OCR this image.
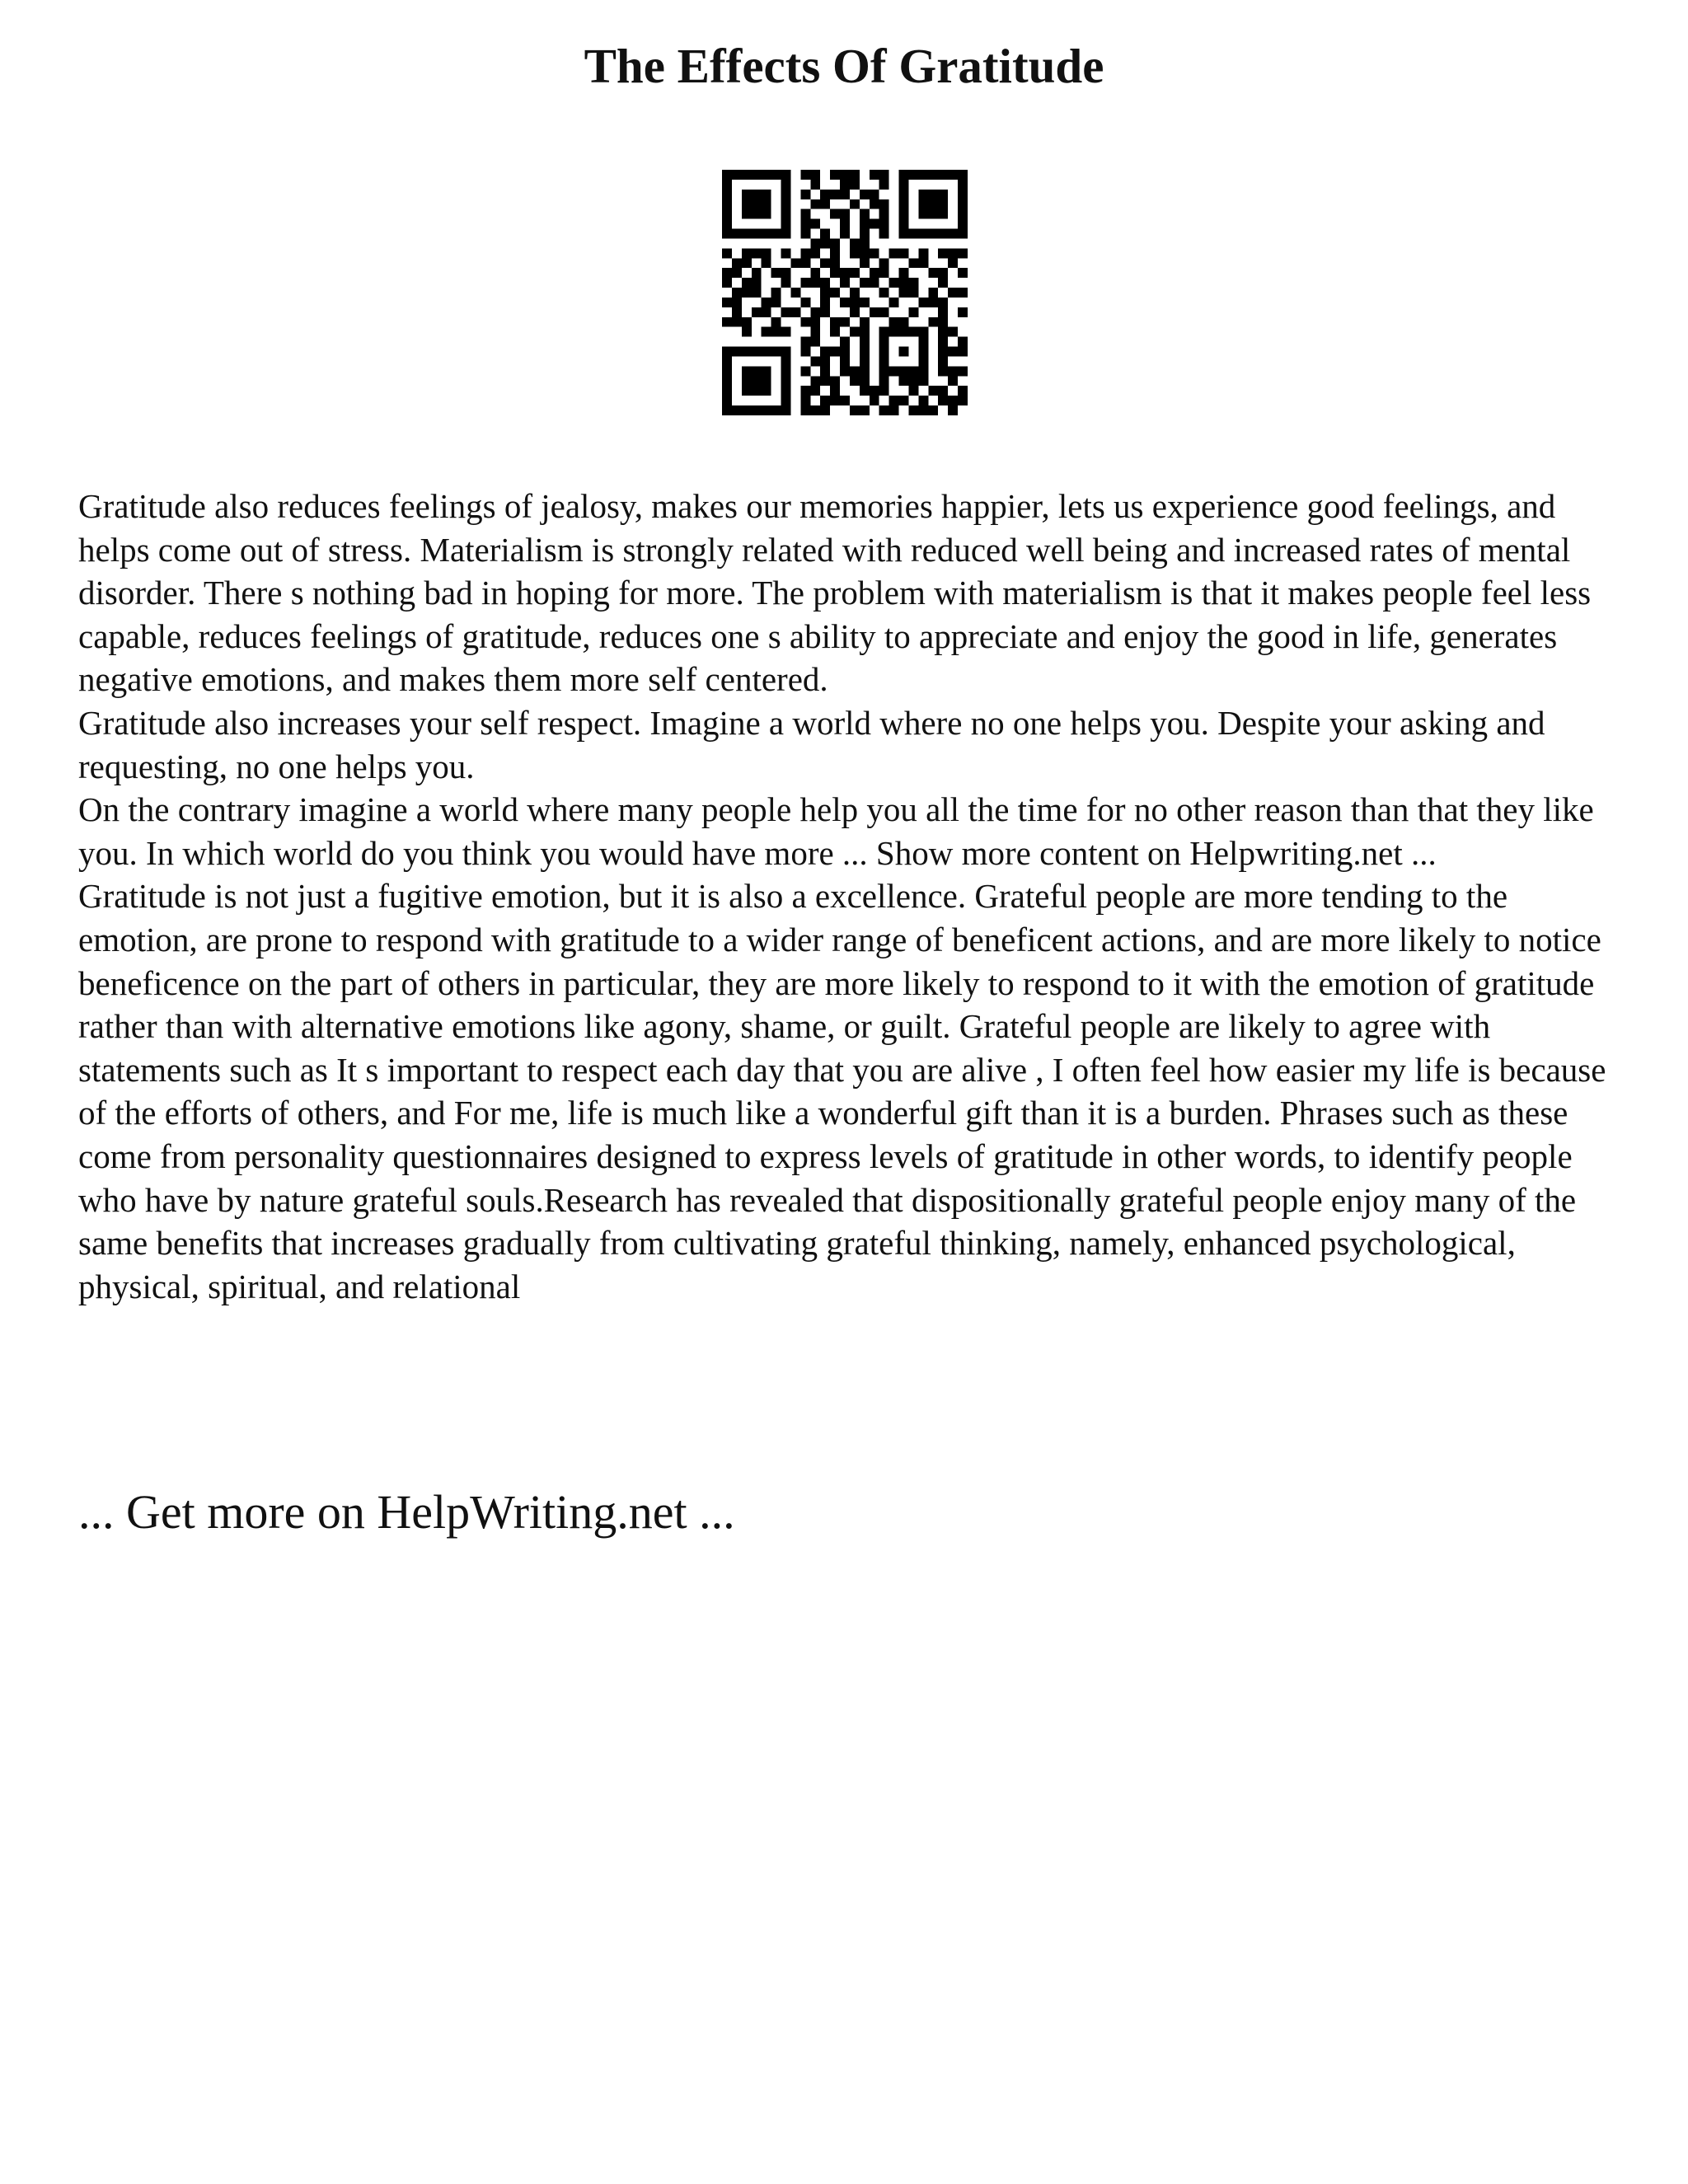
The Effects Of Gratitude

Gratitude also reduces feelings of jealosy, makes our memories happier, lets us experience good feelings, and helps come out of stress. Materialism is strongly related with reduced well being and increased rates of mental disorder. There s nothing bad in hoping for more. The problem with materialism is that it makes people feel less capable, reduces feelings of gratitude, reduces one s ability to appreciate and enjoy the good in life, generates negative emotions, and makes them more self centered.

Gratitude also increases your self respect. Imagine a world where no one helps you. Despite your asking and requesting, no one helps you.

On the contrary imagine a world where many people help you all the time for no other reason than that they like you. In which world do you think you would have more ... Show more content on Helpwriting.net ...

Gratitude is not just a fugitive emotion, but it is also a excellence. Grateful people are more tending to the emotion, are prone to respond with gratitude to a wider range of beneficent actions, and are more likely to notice beneficence on the part of others in particular, they are more likely to respond to it with the emotion of gratitude rather than with alternative emotions like agony, shame, or guilt. Grateful people are likely to agree with statements such as It s important to respect each day that you are alive , I often feel how easier my life is because of the efforts of others, and For me, life is much like a wonderful gift than it is a burden. Phrases such as these come from personality questionnaires designed to express levels of gratitude in other words, to identify people who have by nature grateful souls.Research has revealed that dispositionally grateful people enjoy many of the same benefits that increases gradually from cultivating grateful thinking, namely, enhanced psychological, physical, spiritual, and relational

... Get more on HelpWriting.net ...
